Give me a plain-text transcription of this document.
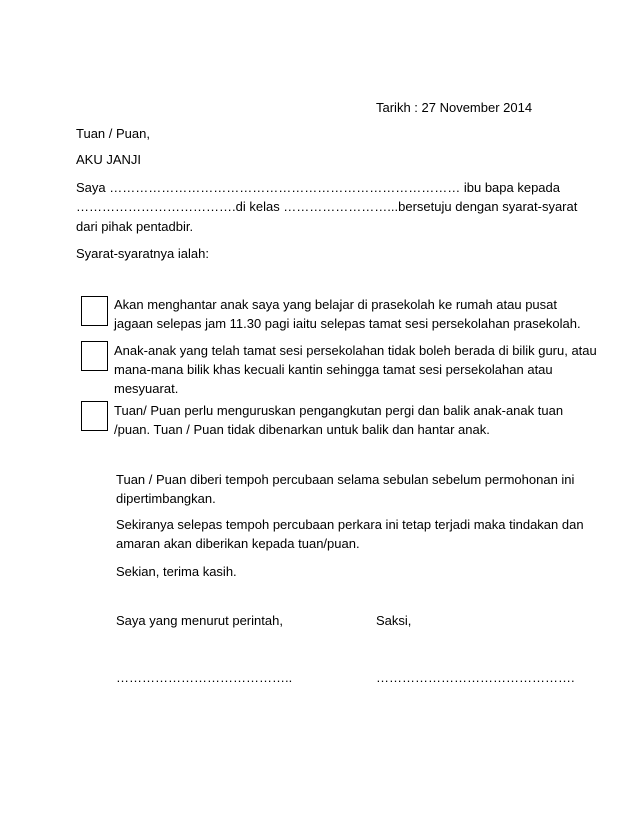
Tarikh : 27 November 2014
Tuan / Puan,
AKU JANJI
Saya ……………………………………………………………………… ibu bapa kepada
……………………………….di kelas ……………………...bersetuju dengan syarat-syarat
dari pihak pentadbir.
Syarat-syaratnya ialah:
Akan menghantar anak saya yang belajar di prasekolah ke rumah atau pusat
jagaan selepas jam 11.30 pagi iaitu selepas tamat sesi persekolahan prasekolah.
Anak-anak yang telah tamat sesi persekolahan tidak boleh berada di bilik guru, atau
mana-mana bilik khas kecuali kantin sehingga tamat sesi persekolahan atau
mesyuarat.
Tuan/ Puan perlu menguruskan pengangkutan pergi dan balik anak-anak tuan
/puan. Tuan / Puan tidak dibenarkan untuk balik dan hantar anak.
Tuan / Puan diberi tempoh percubaan selama sebulan sebelum permohonan ini
dipertimbangkan.
Sekiranya selepas tempoh percubaan perkara ini tetap terjadi maka tindakan dan
amaran akan diberikan kepada tuan/puan.
Sekian, terima kasih.
Saya yang menurut perintah,	Saksi,
…………………………………..	……………………………………….
